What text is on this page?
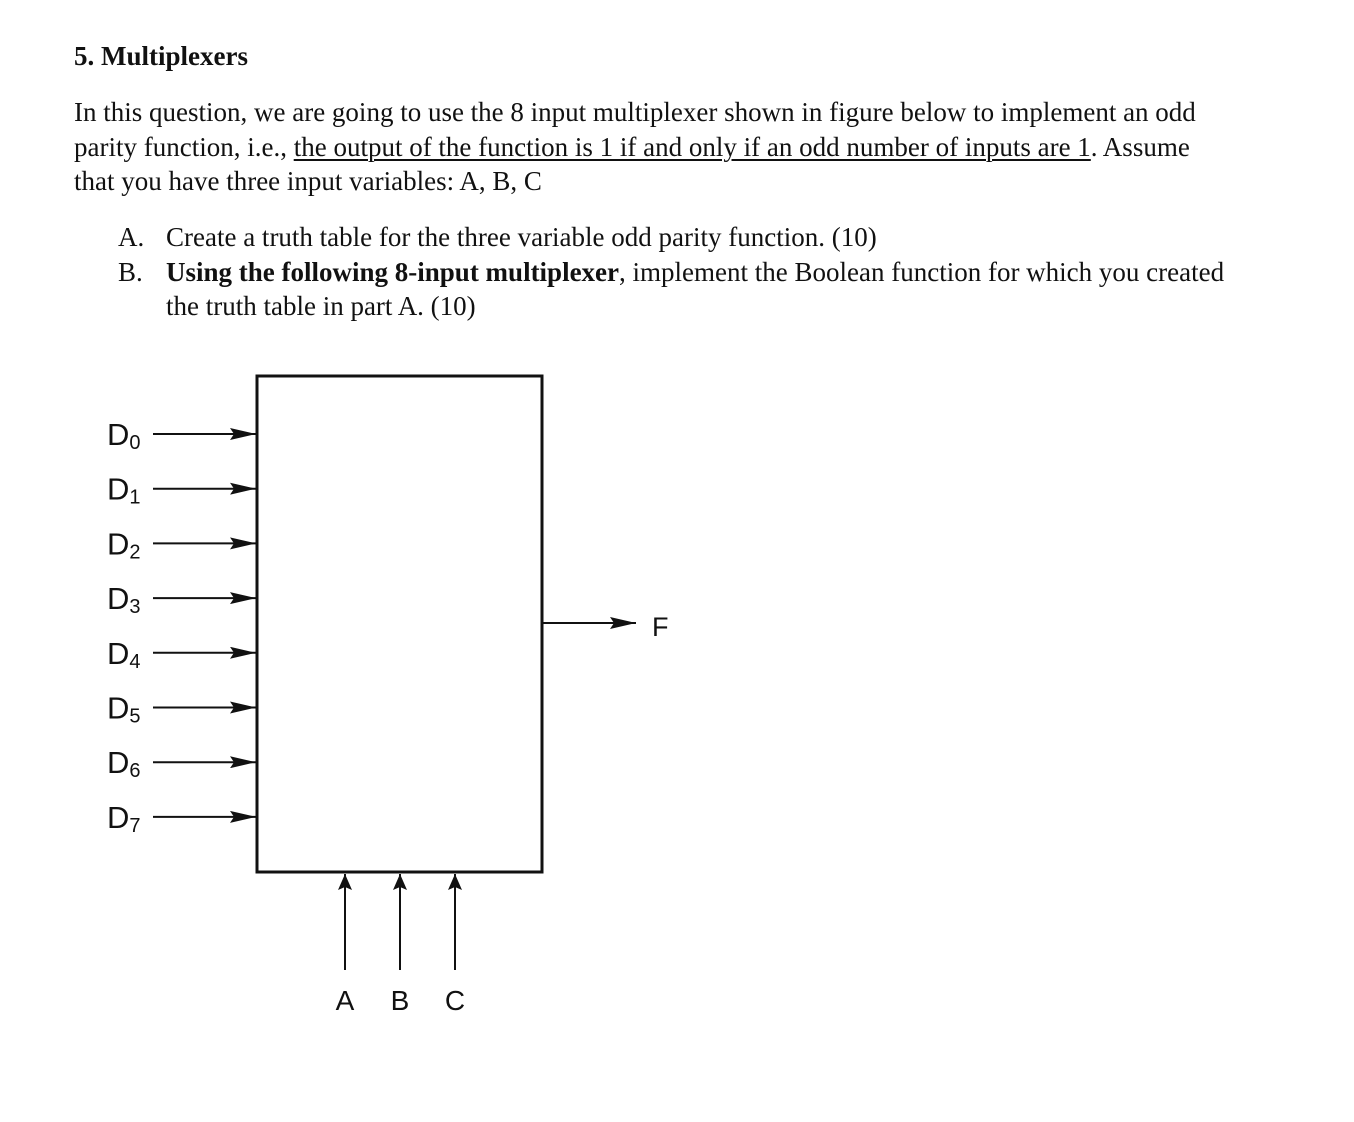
5. Multiplexers
In this question, we are going to use the 8 input multiplexer shown in figure below to implement an odd
parity function, i.e., the output of the function is 1 if and only if an odd number of inputs are 1. Assume
that you have three input variables: A, B, C
A. Create a truth table for the three variable odd parity function. (10)
B. Using the following 8-input multiplexer, implement the Boolean function for which you created
the truth table in part A. (10)
D0
D1
D2
D3
D4
D5
D6
D7
F
A B C
